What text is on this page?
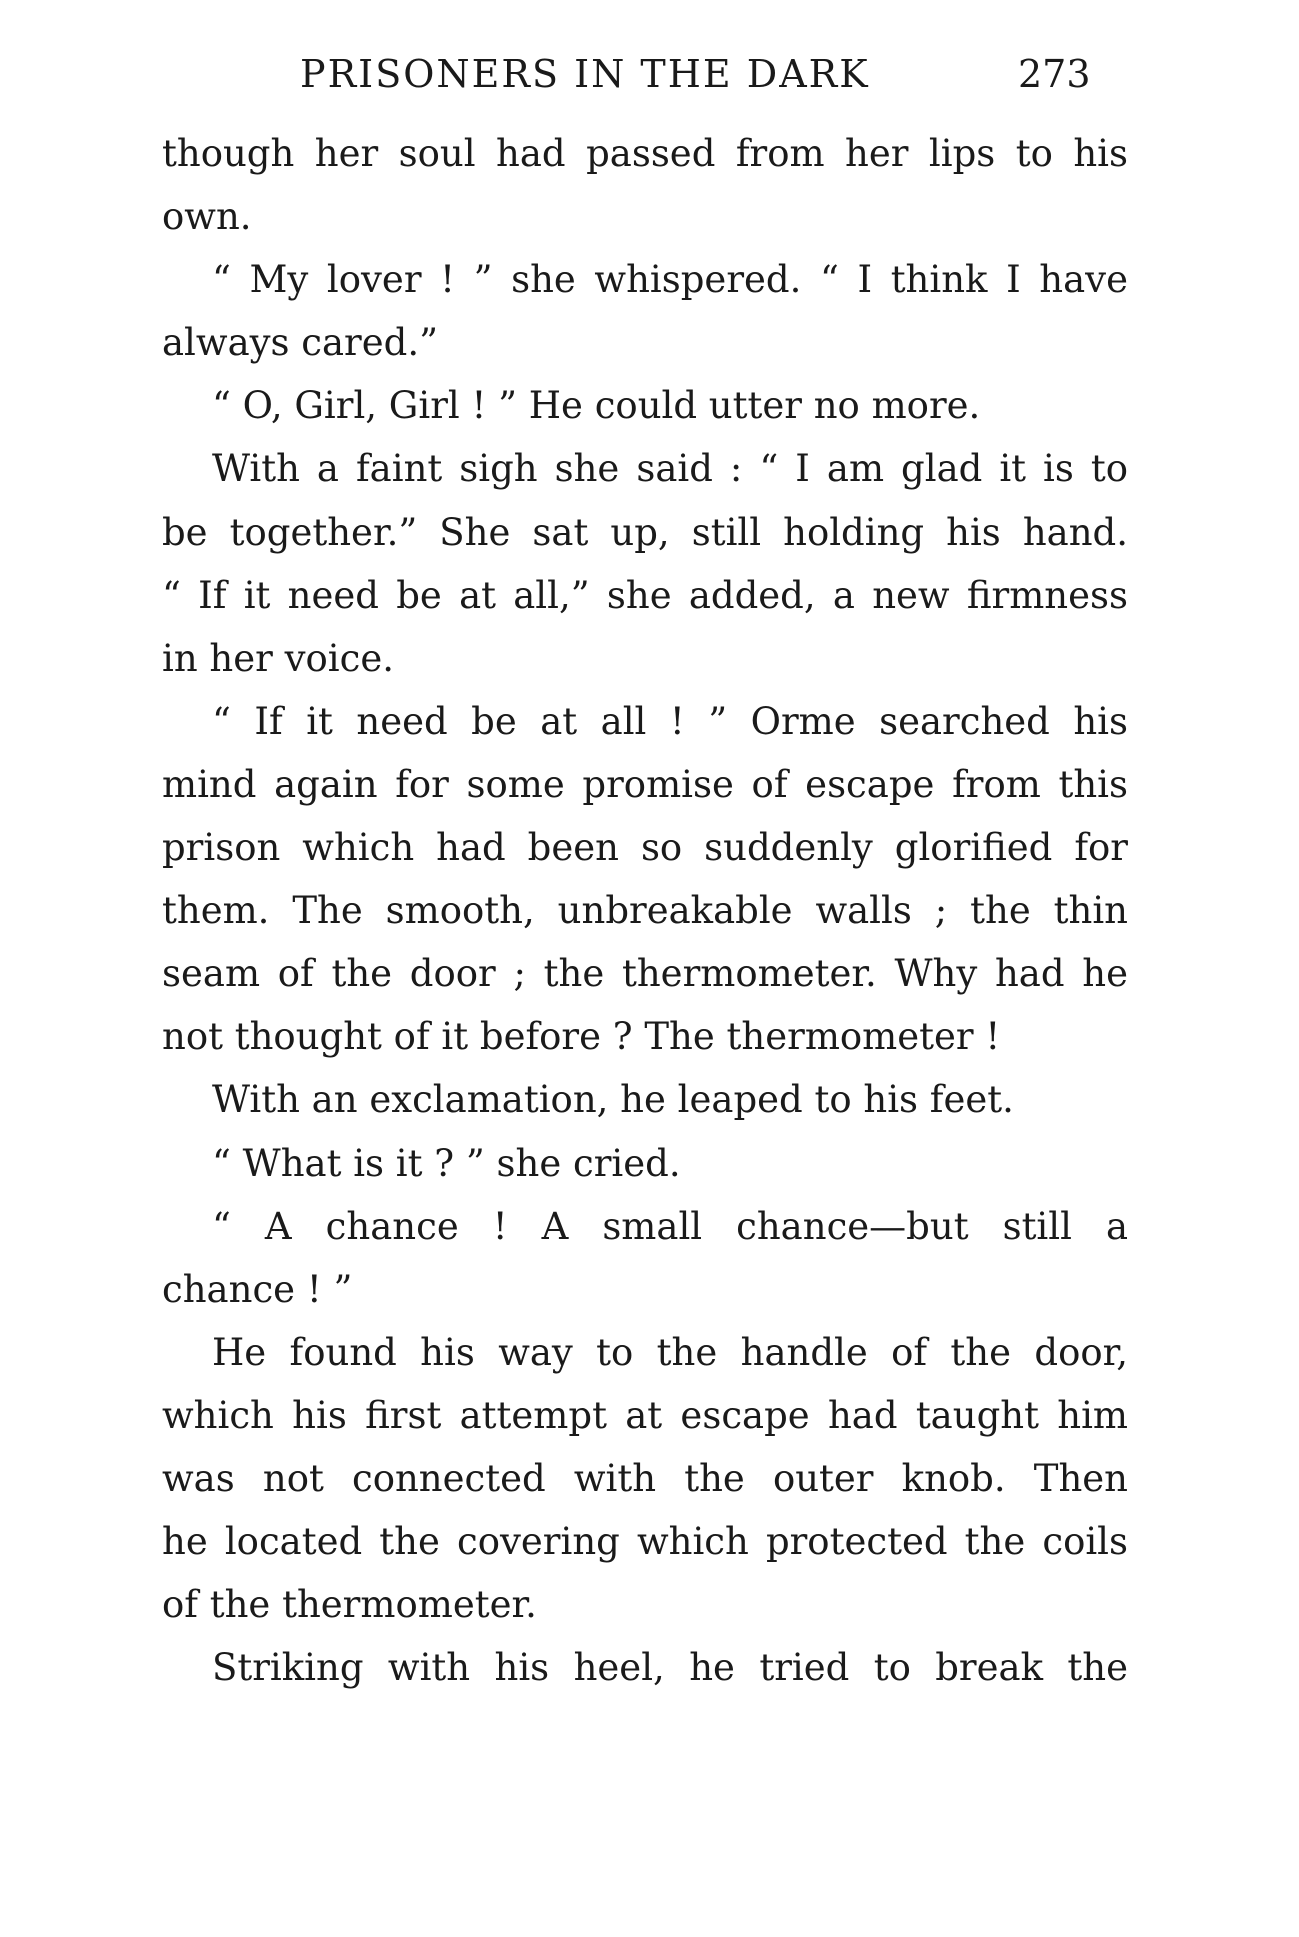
PRISONERS IN THE DARK	273
though her soul had passed from her lips to his
own.
“ My lover ! ” she whispered. “ I think I have
always cared.”
“ O, Girl, Girl ! ” He could utter no more.
With a faint sigh she said : “ I am glad it is to
be together.” She sat up, still holding his hand.
“ If it need be at all,” she added, a new firmness
in her voice.
“ If it need be at all ! ” Orme searched his
mind again for some promise of escape from this
prison which had been so suddenly glorified for
them. The smooth, unbreakable walls ; the thin
seam of the door ; the thermometer. Why had he
not thought of it before ? The thermometer !
With an exclamation, he leaped to his feet.
“ What is it ? ” she cried.
“ A chance ! A small chance—but still a
chance ! ”
He found his way to the handle of the door,
which his first attempt at escape had taught him
was not connected with the outer knob. Then
he located the covering which protected the coils
of the thermometer.
Striking with his heel, he tried to break the
